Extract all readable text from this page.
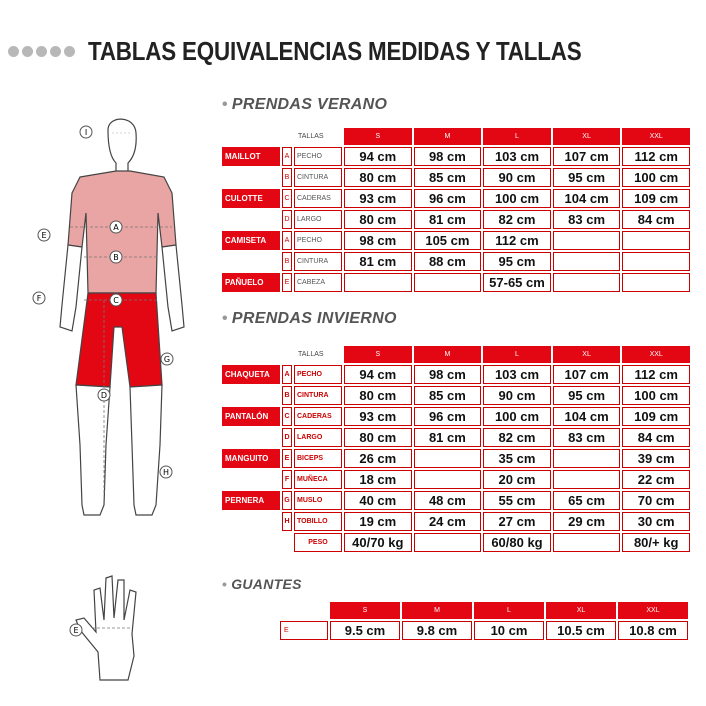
TABLAS EQUIVALENCIAS MEDIDAS Y TALLAS
I
A
B
C
D
E
F
G
H
E
• PRENDAS VERANO
		TALLAS	S	M	L	XL	XXL
MAILLOT	A	PECHO	94 cm	98 cm	103 cm	107 cm	112 cm
	B	CINTURA	80 cm	85 cm	90 cm	95 cm	100 cm
CULOTTE	C	CADERAS	93 cm	96 cm	100 cm	104 cm	109 cm
	D	LARGO	80 cm	81 cm	82 cm	83 cm	84 cm
CAMISETA	A	PECHO	98 cm	105 cm	112 cm		
	B	CINTURA	81 cm	88 cm	95 cm		
PAÑUELO	E	CABEZA			57-65 cm		
• PRENDAS INVIERNO
		TALLAS	S	M	L	XL	XXL
CHAQUETA	A	PECHO	94 cm	98 cm	103 cm	107 cm	112 cm
	B	CINTURA	80 cm	85 cm	90 cm	95 cm	100 cm
PANTALÓN	C	CADERAS	93 cm	96 cm	100 cm	104 cm	109 cm
	D	LARGO	80 cm	81 cm	82 cm	83 cm	84 cm
MANGUITO	E	BICEPS	26 cm		35 cm		39 cm
	F	MUÑECA	18 cm		20 cm		22 cm
PERNERA	G	MUSLO	40 cm	48 cm	55 cm	65 cm	70 cm
	H	TOBILLO	19 cm	24 cm	27 cm	29 cm	30 cm
		PESO	40/70 kg		60/80 kg		80/+ kg
• GUANTES
	S	M	L	XL	XXL
E	9.5 cm	9.8 cm	10 cm	10.5 cm	10.8 cm
